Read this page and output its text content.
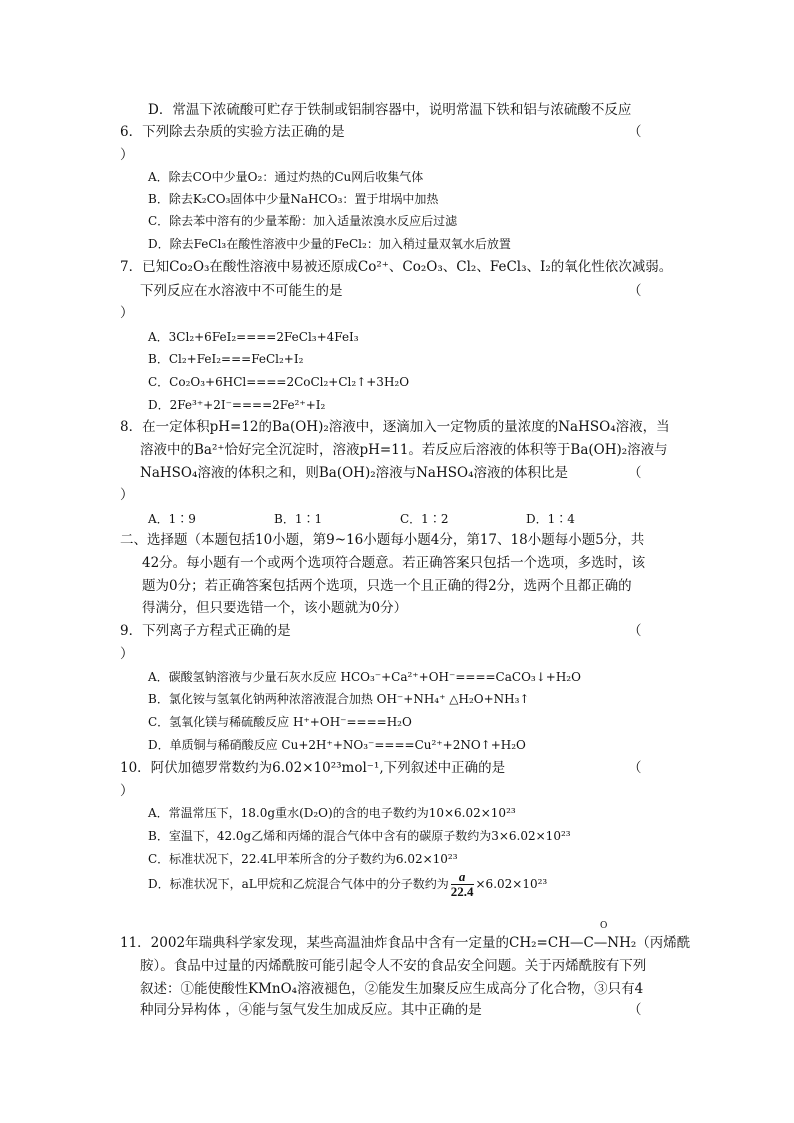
D．常温下浓硫酸可贮存于铁制或铝制容器中，说明常温下铁和铝与浓硫酸不反应
6．下列除去杂质的实验方法正确的是	（
）
A．除去CO中少量O₂：通过灼热的Cu网后收集气体
B．除去K₂CO₃固体中少量NaHCO₃：置于坩埚中加热
C．除去苯中溶有的少量苯酚：加入适量浓溴水反应后过滤
D．除去FeCl₃在酸性溶液中少量的FeCl₂：加入稍过量双氧水后放置
7．已知Co₂O₃在酸性溶液中易被还原成Co²⁺、Co₂O₃、Cl₂、FeCl₃、I₂的氧化性依次减弱。
下列反应在水溶液中不可能生的是	（
）
A．3Cl₂+6FeI₂====2FeCl₃+4FeI₃
B．Cl₂+FeI₂===FeCl₂+I₂
C．Co₂O₃+6HCl====2CoCl₂+Cl₂↑+3H₂O
D．2Fe³⁺+2I⁻====2Fe²⁺+I₂
8．在一定体积pH=12的Ba(OH)₂溶液中，逐滴加入一定物质的量浓度的NaHSO₄溶液，当
溶液中的Ba²⁺恰好完全沉淀时，溶液pH=11。若反应后溶液的体积等于Ba(OH)₂溶液与
NaHSO₄溶液的体积之和，则Ba(OH)₂溶液与NaHSO₄溶液的体积比是	（
）
A．1∶9	B．1∶1	C．1∶2	D．1∶4
二、选择题（本题包括10小题，第9~16小题每小题4分，第17、18小题每小题5分，共
42分。每小题有一个或两个选项符合题意。若正确答案只包括一个选项，多选时，该
题为0分；若正确答案包括两个选项，只选一个且正确的得2分，选两个且都正确的
得满分，但只要选错一个，该小题就为0分）
9．下列离子方程式正确的是	（
）
A．碳酸氢钠溶液与少量石灰水反应 HCO₃⁻+Ca²⁺+OH⁻====CaCO₃↓+H₂O
B．氯化铵与氢氧化钠两种浓溶液混合加热 OH⁻+NH₄⁺ △H₂O+NH₃↑
C．氢氧化镁与稀硫酸反应 H⁺+OH⁻====H₂O
D．单质铜与稀硝酸反应 Cu+2H⁺+NO₃⁻====Cu²⁺+2NO↑+H₂O
10．阿伏加德罗常数约为6.02×10²³mol⁻¹,下列叙述中正确的是	（
）
A．常温常压下，18.0g重水(D₂O)的含的电子数约为10×6.02×10²³
B．室温下，42.0g乙烯和丙烯的混合气体中含有的碳原子数约为3×6.02×10²³
C．标准状况下，22.4L甲苯所含的分子数约为6.02×10²³
D．标准状况下，aL甲烷和乙烷混合气体中的分子数约为 $\frac{a}{22.4} \times 6.02\times 10^{23}$
O
11．2002年瑞典科学家发现，某些高温油炸食品中含有一定量的CH₂=CH—C—NH₂（丙烯酰
胺）。食品中过量的丙烯酰胺可能引起令人不安的食品安全问题。关于丙烯酰胺有下列
叙述：①能使酸性KMnO₄溶液褪色，②能发生加聚反应生成高分了化合物，③只有4
种同分异构体 ，④能与氢气发生加成反应。其中正确的是	（
